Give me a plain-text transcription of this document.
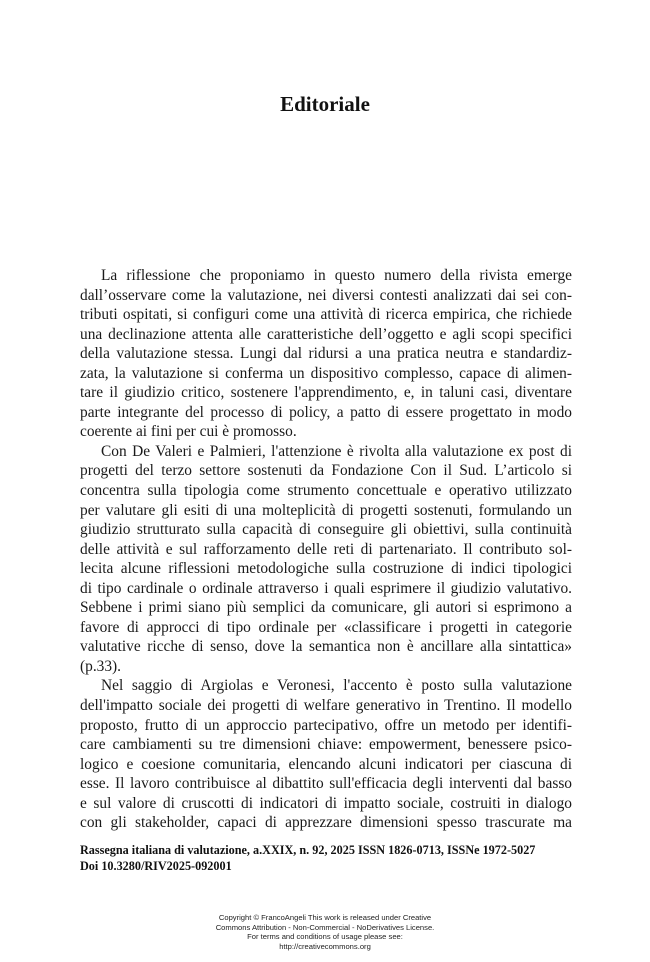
Editoriale
La riflessione che proponiamo in questo numero della rivista emerge
dall’osservare come la valutazione, nei diversi contesti analizzati dai sei con-
tributi ospitati, si configuri come una attività di ricerca empirica, che richiede
una declinazione attenta alle caratteristiche dell’oggetto e agli scopi specifici
della valutazione stessa. Lungi dal ridursi a una pratica neutra e standardiz-
zata, la valutazione si conferma un dispositivo complesso, capace di alimen-
tare il giudizio critico, sostenere l'apprendimento, e, in taluni casi, diventare
parte integrante del processo di policy, a patto di essere progettato in modo
coerente ai fini per cui è promosso.
Con De Valeri e Palmieri, l'attenzione è rivolta alla valutazione ex post di
progetti del terzo settore sostenuti da Fondazione Con il Sud. L’articolo si
concentra sulla tipologia come strumento concettuale e operativo utilizzato
per valutare gli esiti di una molteplicità di progetti sostenuti, formulando un
giudizio strutturato sulla capacità di conseguire gli obiettivi, sulla continuità
delle attività e sul rafforzamento delle reti di partenariato. Il contributo sol-
lecita alcune riflessioni metodologiche sulla costruzione di indici tipologici
di tipo cardinale o ordinale attraverso i quali esprimere il giudizio valutativo.
Sebbene i primi siano più semplici da comunicare, gli autori si esprimono a
favore di approcci di tipo ordinale per «classificare i progetti in categorie
valutative ricche di senso, dove la semantica non è ancillare alla sintattica»
(p.33).
Nel saggio di Argiolas e Veronesi, l'accento è posto sulla valutazione
dell'impatto sociale dei progetti di welfare generativo in Trentino. Il modello
proposto, frutto di un approccio partecipativo, offre un metodo per identifi-
care cambiamenti su tre dimensioni chiave: empowerment, benessere psico-
logico e coesione comunitaria, elencando alcuni indicatori per ciascuna di
esse. Il lavoro contribuisce al dibattito sull'efficacia degli interventi dal basso
e sul valore di cruscotti di indicatori di impatto sociale, costruiti in dialogo
con gli stakeholder, capaci di apprezzare dimensioni spesso trascurate ma
Rassegna italiana di valutazione, a.XXIX, n. 92, 2025 ISSN 1826-0713, ISSNe 1972-5027
Doi 10.3280/RIV2025-092001
Copyright © FrancoAngeli This work is released under Creative
Commons Attribution - Non-Commercial - NoDerivatives License.
For terms and conditions of usage please see:
http://creativecommons.org
